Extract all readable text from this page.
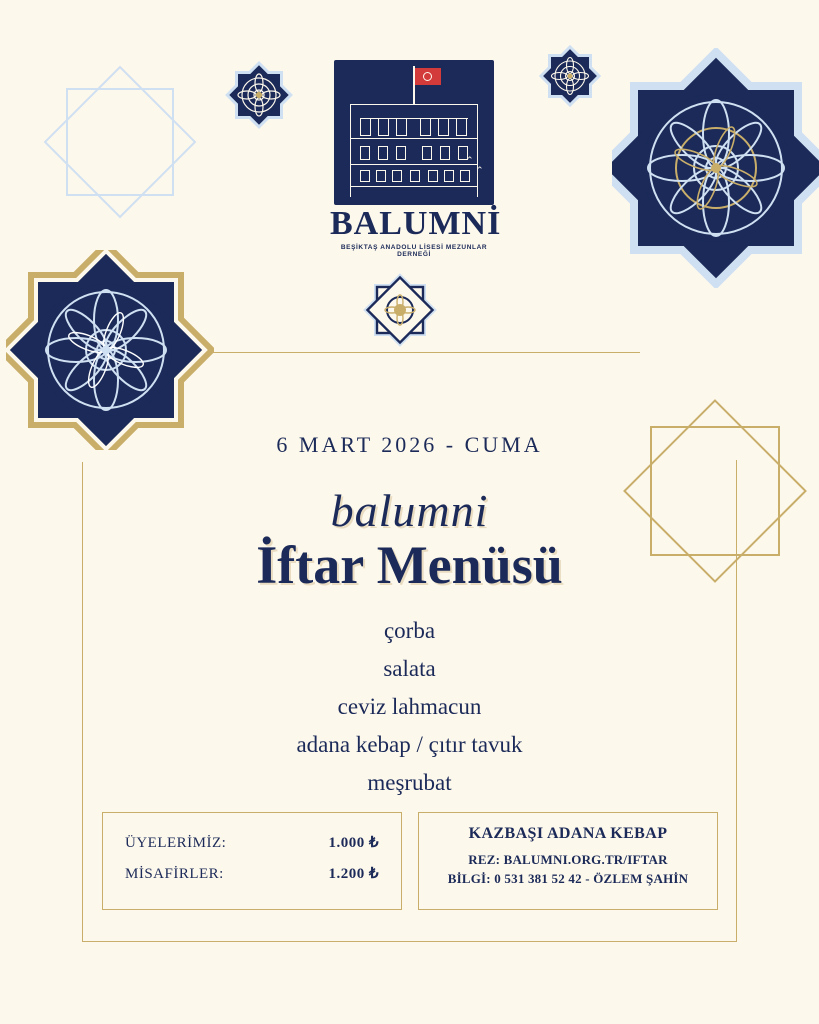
⌃
⌃
BALUMNİ
BEŞİKTAŞ ANADOLU LİSESİ MEZUNLAR DERNEĞİ
6 MART 2026 - CUMA
balumni
İftar Menüsü
çorba
salata
ceviz lahmacun
adana kebap / çıtır tavuk
meşrubat
ÜYELERİMİZ:	1.000 ₺
MİSAFİRLER:	1.200 ₺
KAZBAŞI ADANA KEBAP
REZ: BALUMNI.ORG.TR/IFTAR
BİLGİ: 0 531 381 52 42 - ÖZLEM ŞAHİN
